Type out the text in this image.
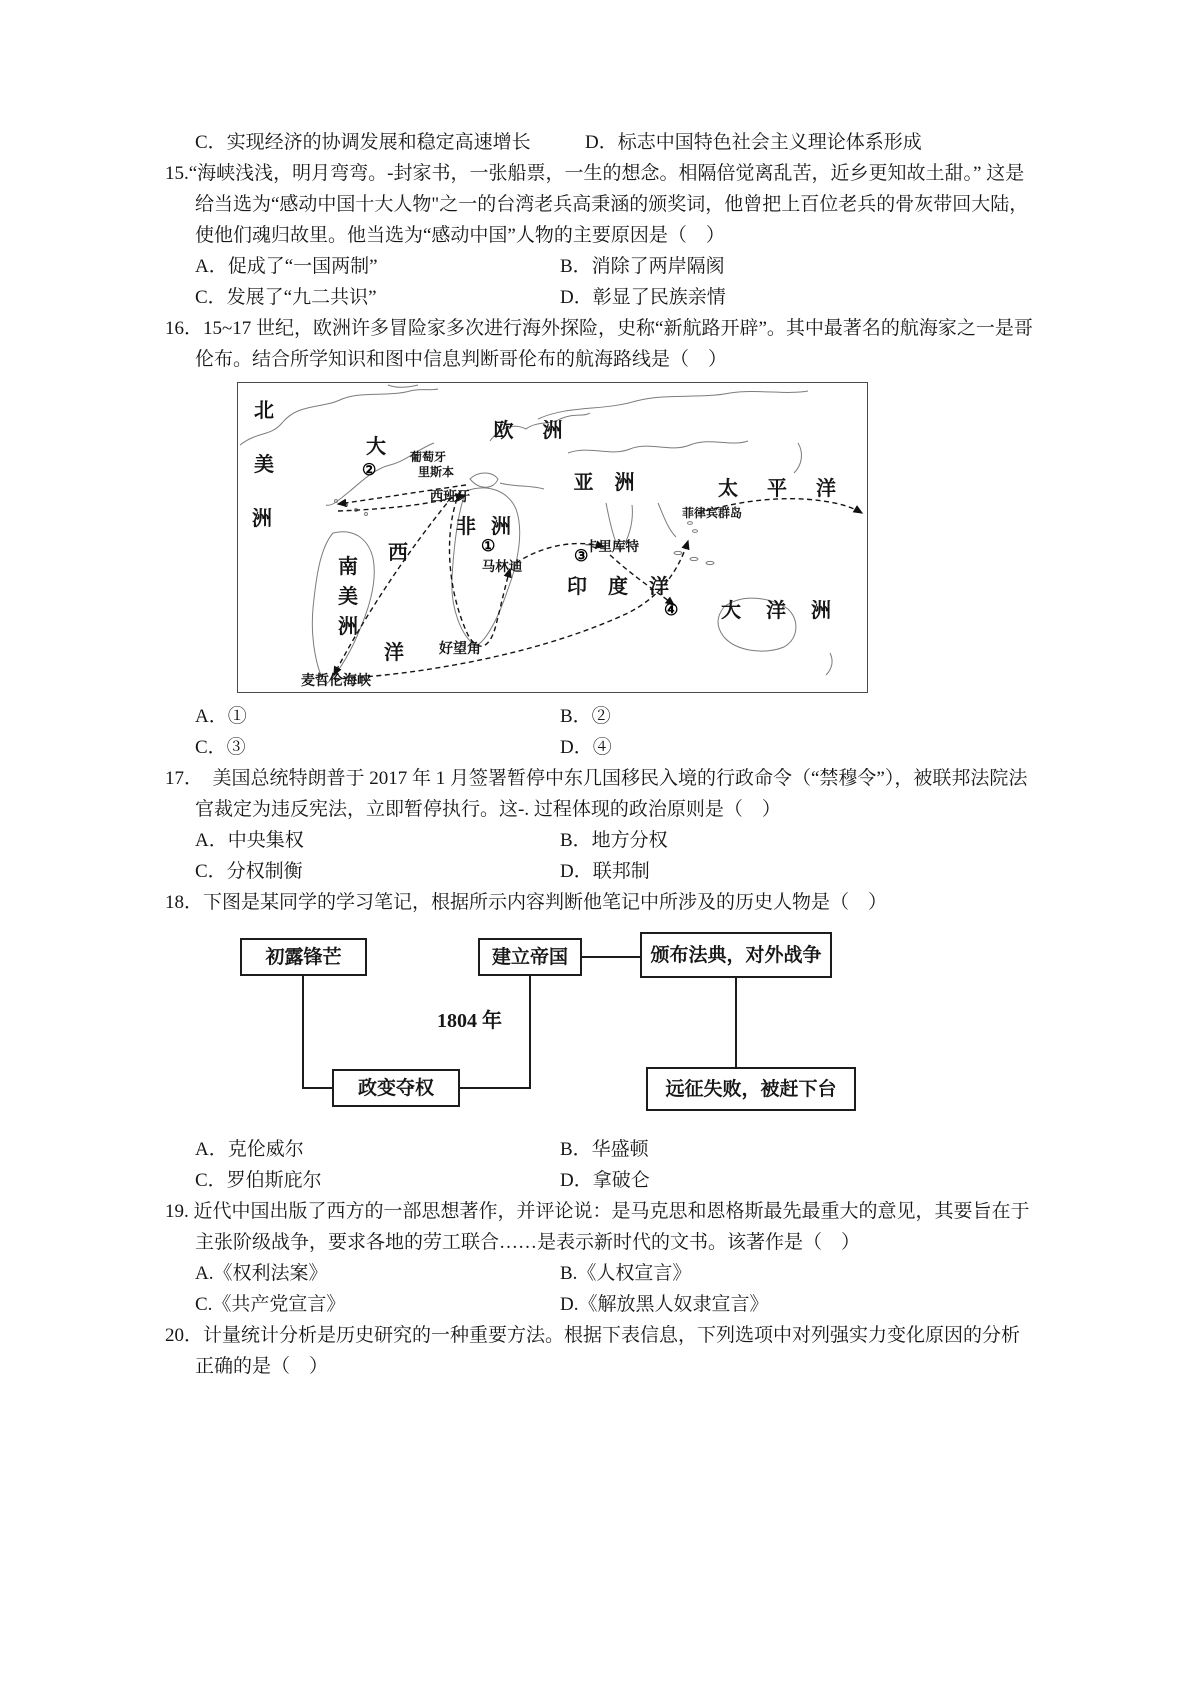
C．实现经济的协调发展和稳定高速增长	D．标志中国特色社会主义理论体系形成

15.“海峡浅浅，明月弯弯。-封家书，一张船票，一生的想念。相隔倍觉离乱苦，近乡更知故土甜。” 这是给当选为“感动中国十大人物"之一的台湾老兵高秉涵的颁奖词，他曾把上百位老兵的骨灰带回大陆，使他们魂归故里。他当选为“感动中国”人物的主要原因是（　）

A．促成了“一国两制”	B．消除了两岸隔阂
C．发展了“九二共识”	D．彰显了民族亲情

16．15~17 世纪，欧洲许多冒险家多次进行海外探险，史称“新航路开辟”。其中最著名的航海家之一是哥伦布。结合所学知识和图中信息判断哥伦布的航海路线是（　）

北
美
洲
大
西
洋
欧 洲
亚 洲	太 平 洋
葡萄牙
里斯本
西班牙
非 洲
菲律宾群岛
马林迪
卡里库特
印 度 洋
大 洋 洲
南
美
洲
好望角
麦哲伦海峡
①
②
③
④
A．①	B．②
C．③	D．④

17．　美国总统特朗普于 2017 年 1 月签署暂停中东几国移民入境的行政命令（“禁穆令”），被联邦法院法官裁定为违反宪法，立即暂停执行。这-. 过程体现的政治原则是（　）

A．中央集权	B．地方分权
C．分权制衡	D．联邦制

18．下图是某同学的学习笔记，根据所示内容判断他笔记中所涉及的历史人物是（　）

初露锋芒	建立帝国	颁布法典，对外战争
1804 年
政变夺权	远征失败，被赶下台
A．克伦威尔	B．华盛顿
C．罗伯斯庇尔	D．拿破仑

19. 近代中国出版了西方的一部思想著作，并评论说：是马克思和恩格斯最先最重大的意见，其要旨在于主张阶级战争，要求各地的劳工联合……是表示新时代的文书。该著作是（　）

A.《权利法案》	B.《人权宣言》
C.《共产党宣言》	D.《解放黑人奴隶宣言》

20．计量统计分析是历史研究的一种重要方法。根据下表信息，下列选项中对列强实力变化原因的分析正确的是（　）
